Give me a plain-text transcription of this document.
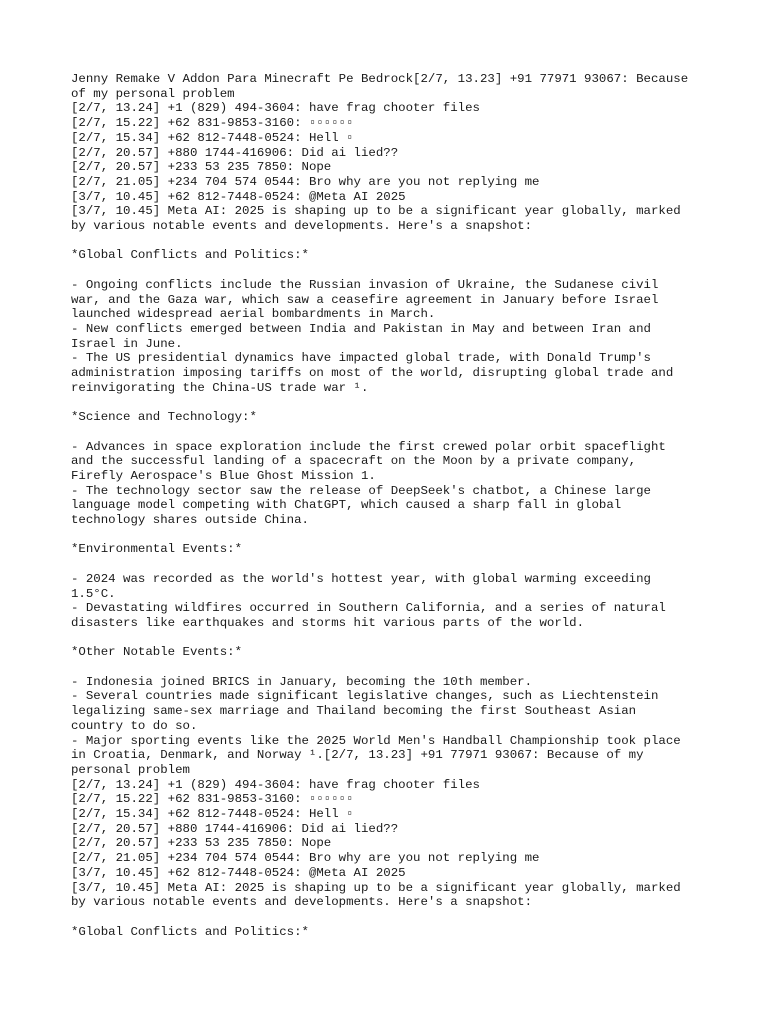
Jenny Remake V Addon Para Minecraft Pe Bedrock[2/7, 13.23] +91 77971 93067: Because
of my personal problem
[2/7, 13.24] +1 (829) 494-3604: have frag chooter files
[2/7, 15.22] +62 831-9853-3160: ▫▫▫▫▫▫
[2/7, 15.34] +62 812-7448-0524: Hell ▫
[2/7, 20.57] +880 1744-416906: Did ai lied??
[2/7, 20.57] +233 53 235 7850: Nope
[2/7, 21.05] +234 704 574 0544: Bro why are you not replying me
[3/7, 10.45] +62 812-7448-0524: @Meta AI 2025
[3/7, 10.45] Meta AI: 2025 is shaping up to be a significant year globally, marked
by various notable events and developments. Here's a snapshot:
*Global Conflicts and Politics:*
- Ongoing conflicts include the Russian invasion of Ukraine, the Sudanese civil
war, and the Gaza war, which saw a ceasefire agreement in January before Israel
launched widespread aerial bombardments in March.
- New conflicts emerged between India and Pakistan in May and between Iran and
Israel in June.
- The US presidential dynamics have impacted global trade, with Donald Trump's
administration imposing tariffs on most of the world, disrupting global trade and
reinvigorating the China-US trade war ¹.
*Science and Technology:*
- Advances in space exploration include the first crewed polar orbit spaceflight
and the successful landing of a spacecraft on the Moon by a private company,
Firefly Aerospace's Blue Ghost Mission 1.
- The technology sector saw the release of DeepSeek's chatbot, a Chinese large
language model competing with ChatGPT, which caused a sharp fall in global
technology shares outside China.
*Environmental Events:*
- 2024 was recorded as the world's hottest year, with global warming exceeding
1.5°C.
- Devastating wildfires occurred in Southern California, and a series of natural
disasters like earthquakes and storms hit various parts of the world.
*Other Notable Events:*
- Indonesia joined BRICS in January, becoming the 10th member.
- Several countries made significant legislative changes, such as Liechtenstein
legalizing same-sex marriage and Thailand becoming the first Southeast Asian
country to do so.
- Major sporting events like the 2025 World Men's Handball Championship took place
in Croatia, Denmark, and Norway ¹.[2/7, 13.23] +91 77971 93067: Because of my
personal problem
[2/7, 13.24] +1 (829) 494-3604: have frag chooter files
[2/7, 15.22] +62 831-9853-3160: ▫▫▫▫▫▫
[2/7, 15.34] +62 812-7448-0524: Hell ▫
[2/7, 20.57] +880 1744-416906: Did ai lied??
[2/7, 20.57] +233 53 235 7850: Nope
[2/7, 21.05] +234 704 574 0544: Bro why are you not replying me
[3/7, 10.45] +62 812-7448-0524: @Meta AI 2025
[3/7, 10.45] Meta AI: 2025 is shaping up to be a significant year globally, marked
by various notable events and developments. Here's a snapshot:
*Global Conflicts and Politics:*
